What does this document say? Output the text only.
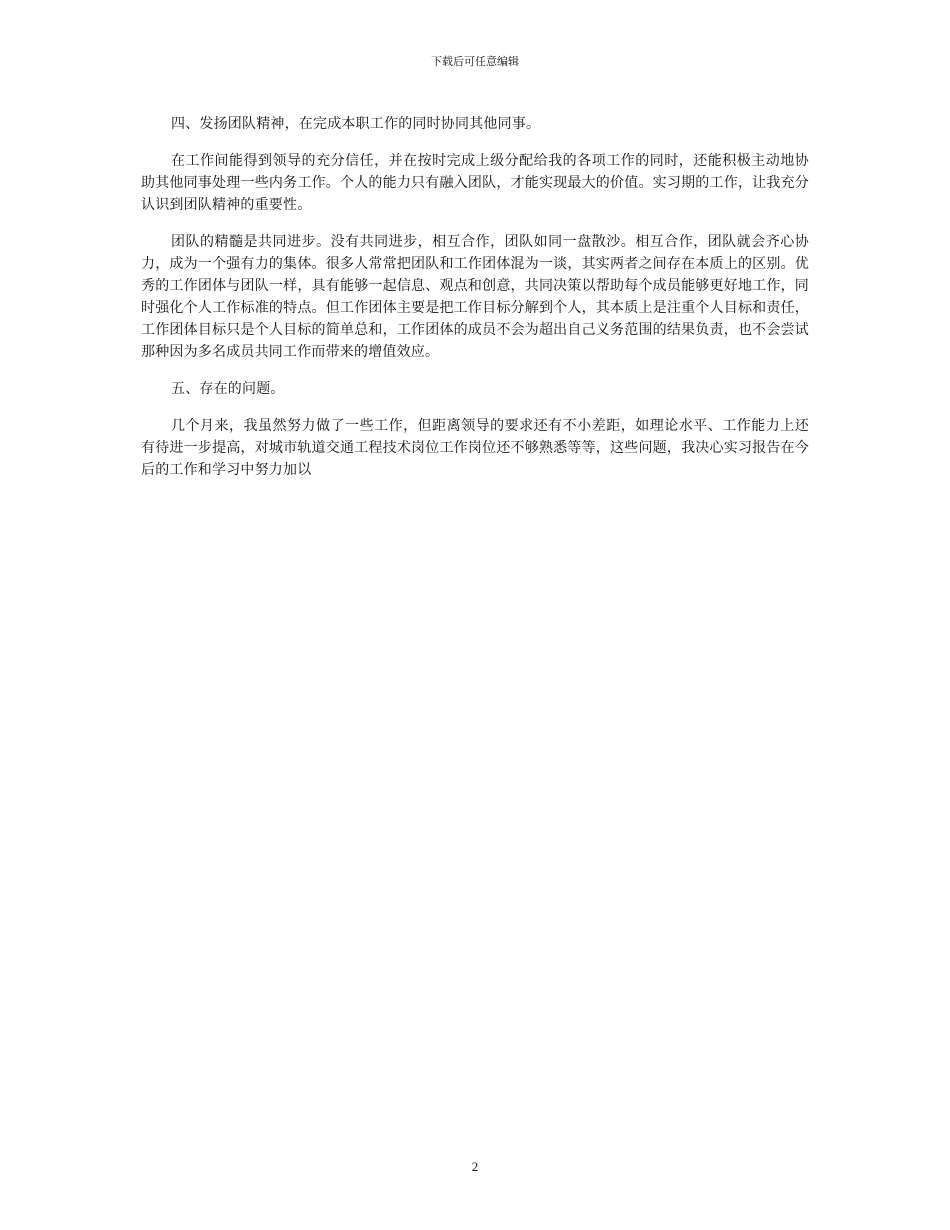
下载后可任意编辑

四、发扬团队精神，在完成本职工作的同时协同其他同事。

在工作间能得到领导的充分信任，并在按时完成上级分配给我的各项工作的同时，还能积极主动地协助其他同事处理一些内务工作。个人的能力只有融入团队，才能实现最大的价值。实习期的工作，让我充分认识到团队精神的重要性。

团队的精髓是共同进步。没有共同进步，相互合作，团队如同一盘散沙。相互合作，团队就会齐心协力，成为一个强有力的集体。很多人常常把团队和工作团体混为一谈，其实两者之间存在本质上的区别。优秀的工作团体与团队一样，具有能够一起信息、观点和创意，共同决策以帮助每个成员能够更好地工作，同时强化个人工作标准的特点。但工作团体主要是把工作目标分解到个人，其本质上是注重个人目标和责任，工作团体目标只是个人目标的简单总和，工作团体的成员不会为超出自己义务范围的结果负责，也不会尝试那种因为多名成员共同工作而带来的增值效应。

五、存在的问题。

几个月来，我虽然努力做了一些工作，但距离领导的要求还有不小差距，如理论水平、工作能力上还有待进一步提高，对城市轨道交通工程技术岗位工作岗位还不够熟悉等等，这些问题，我决心实习报告在今后的工作和学习中努力加以

2
